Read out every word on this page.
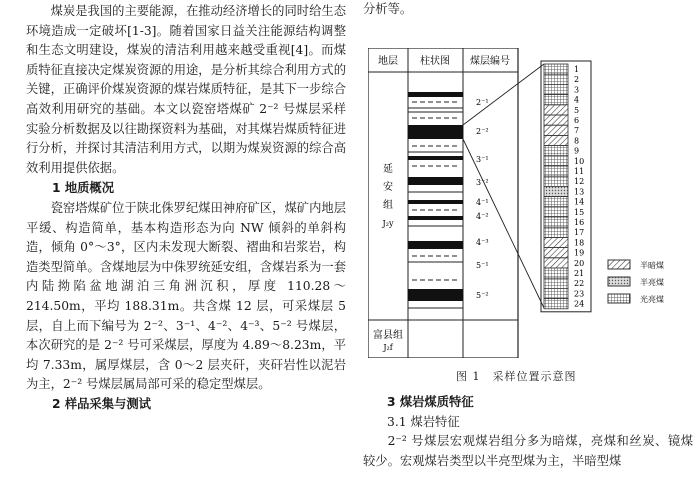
煤炭是我国的主要能源，在推动经济增长的同时给生态环境造成一定破坏[1-3]。随着国家日益关注能源结构调整和生态文明建设，煤炭的清洁利用越来越受重视[4]。而煤质特征直接决定煤炭资源的用途，是分析其综合利用方式的关键，正确评价煤炭资源的煤岩煤质特征，是其下一步综合高效利用研究的基础。本文以瓷窑塔煤矿 2⁻² 号煤层采样实验分析数据及以往勘探资料为基础，对其煤岩煤质特征进行分析，并探讨其清洁利用方式，以期为煤炭资源的综合高效利用提供依据。

1 地质概况

瓷窑塔煤矿位于陕北侏罗纪煤田神府矿区，煤矿内地层平缓、构造简单，基本构造形态为向 NW 倾斜的单斜构造，倾角 0°～3°，区内未发现大断裂、褶曲和岩浆岩，构造类型简单。含煤地层为中侏罗统延安组，含煤岩系为一套内陆拗陷盆地湖泊三角洲沉积，厚度 110.28～214.50m，平均 188.31m。共含煤 12 层，可采煤层 5 层，自上而下编号为 2⁻²、3⁻¹、4⁻²、4⁻³、5⁻² 号煤层，本次研究的是 2⁻² 号可采煤层，厚度为 4.89～8.23m，平均 7.33m，属厚煤层，含 0～2 层夹矸，夹矸岩性以泥岩为主，2⁻² 号煤层属局部可采的稳定型煤层。

2 样品采集与测试

分析等。

地层 柱状图 煤层编号
延
安
组
J₂y
富县组
J₂f
2⁻¹
2⁻²
3⁻¹
3⁻²
4⁻¹
4⁻²
4⁻³
5⁻¹
5⁻²
1
2
3
4
5
6
7
8
9
10
11
12
13
14
15
16
17
18
19
20
21
22
23
24
半暗煤
半亮煤
光亮煤
图 1　采样位置示意图

3 煤岩煤质特征

3.1 煤岩特征

2⁻² 号煤层宏观煤岩组分多为暗煤，亮煤和丝炭、镜煤较少。宏观煤岩类型以半亮型煤为主，半暗型煤
